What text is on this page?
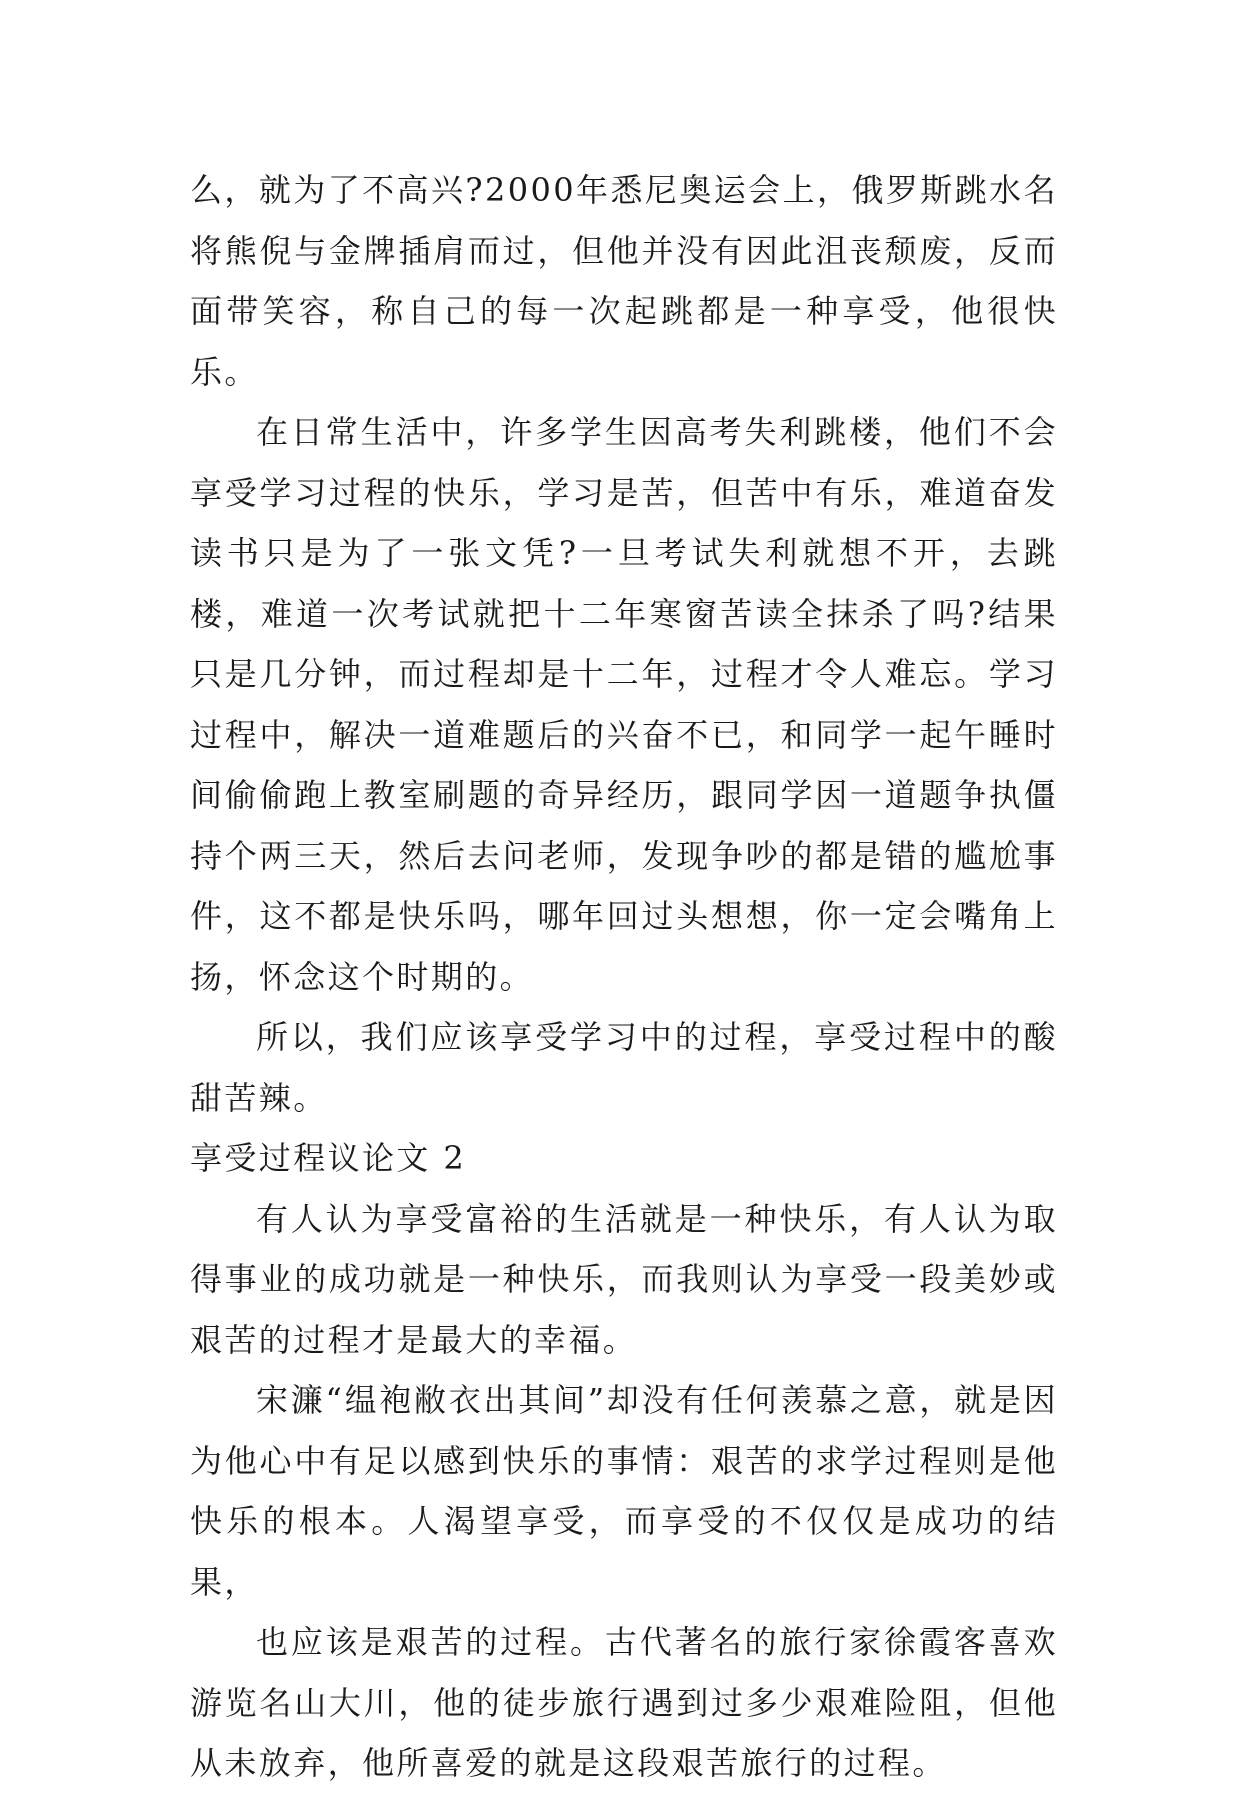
么，就为了不高兴?2000年悉尼奥运会上，俄罗斯跳水名将熊倪与金牌插肩而过，但他并没有因此沮丧颓废，反而面带笑容，称自己的每一次起跳都是一种享受，他很快乐。

在日常生活中，许多学生因高考失利跳楼，他们不会享受学习过程的快乐，学习是苦，但苦中有乐，难道奋发读书只是为了一张文凭?一旦考试失利就想不开，去跳楼，难道一次考试就把十二年寒窗苦读全抹杀了吗?结果只是几分钟，而过程却是十二年，过程才令人难忘。学习过程中，解决一道难题后的兴奋不已，和同学一起午睡时间偷偷跑上教室刷题的奇异经历，跟同学因一道题争执僵持个两三天，然后去问老师，发现争吵的都是错的尴尬事件，这不都是快乐吗，哪年回过头想想，你一定会嘴角上扬，怀念这个时期的。

所以，我们应该享受学习中的过程，享受过程中的酸甜苦辣。

享受过程议论文 2

有人认为享受富裕的生活就是一种快乐，有人认为取得事业的成功就是一种快乐，而我则认为享受一段美妙或艰苦的过程才是最大的幸福。

宋濂“缊袍敝衣出其间”却没有任何羡慕之意，就是因为他心中有足以感到快乐的事情：艰苦的求学过程则是他快乐的根本。人渴望享受，而享受的不仅仅是成功的结果，

也应该是艰苦的过程。古代著名的旅行家徐霞客喜欢游览名山大川，他的徒步旅行遇到过多少艰难险阻，但他从未放弃，他所喜爱的就是这段艰苦旅行的过程。
